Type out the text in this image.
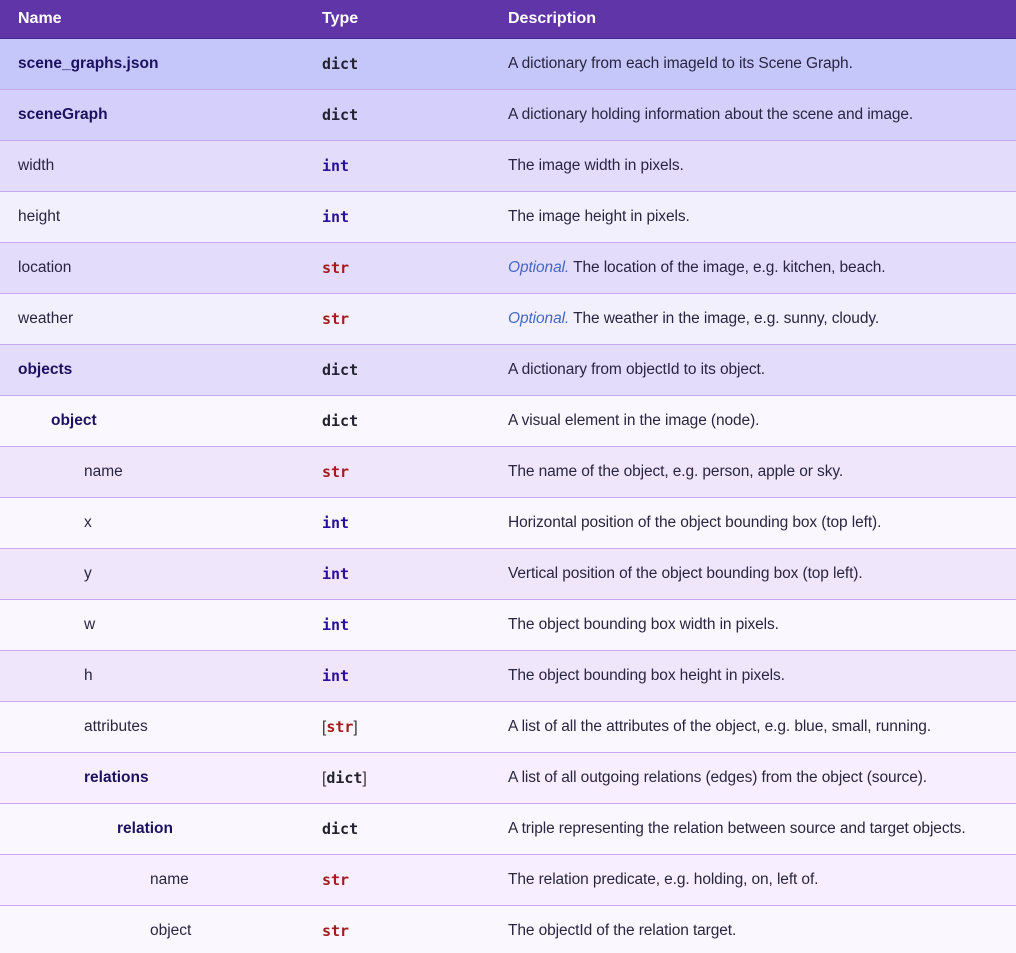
Name	Type	Description
scene_graphs.json	dict	A dictionary from each imageId to its Scene Graph.
sceneGraph	dict	A dictionary holding information about the scene and image.
width	int	The image width in pixels.
height	int	The image height in pixels.
location	str	Optional. The location of the image, e.g. kitchen, beach.
weather	str	Optional. The weather in the image, e.g. sunny, cloudy.
objects	dict	A dictionary from objectId to its object.
object	dict	A visual element in the image (node).
name	str	The name of the object, e.g. person, apple or sky.
x	int	Horizontal position of the object bounding box (top left).
y	int	Vertical position of the object bounding box (top left).
w	int	The object bounding box width in pixels.
h	int	The object bounding box height in pixels.
attributes	[str]	A list of all the attributes of the object, e.g. blue, small, running.
relations	[dict]	A list of all outgoing relations (edges) from the object (source).
relation	dict	A triple representing the relation between source and target objects.
name	str	The relation predicate, e.g. holding, on, left of.
object	str	The objectId of the relation target.
